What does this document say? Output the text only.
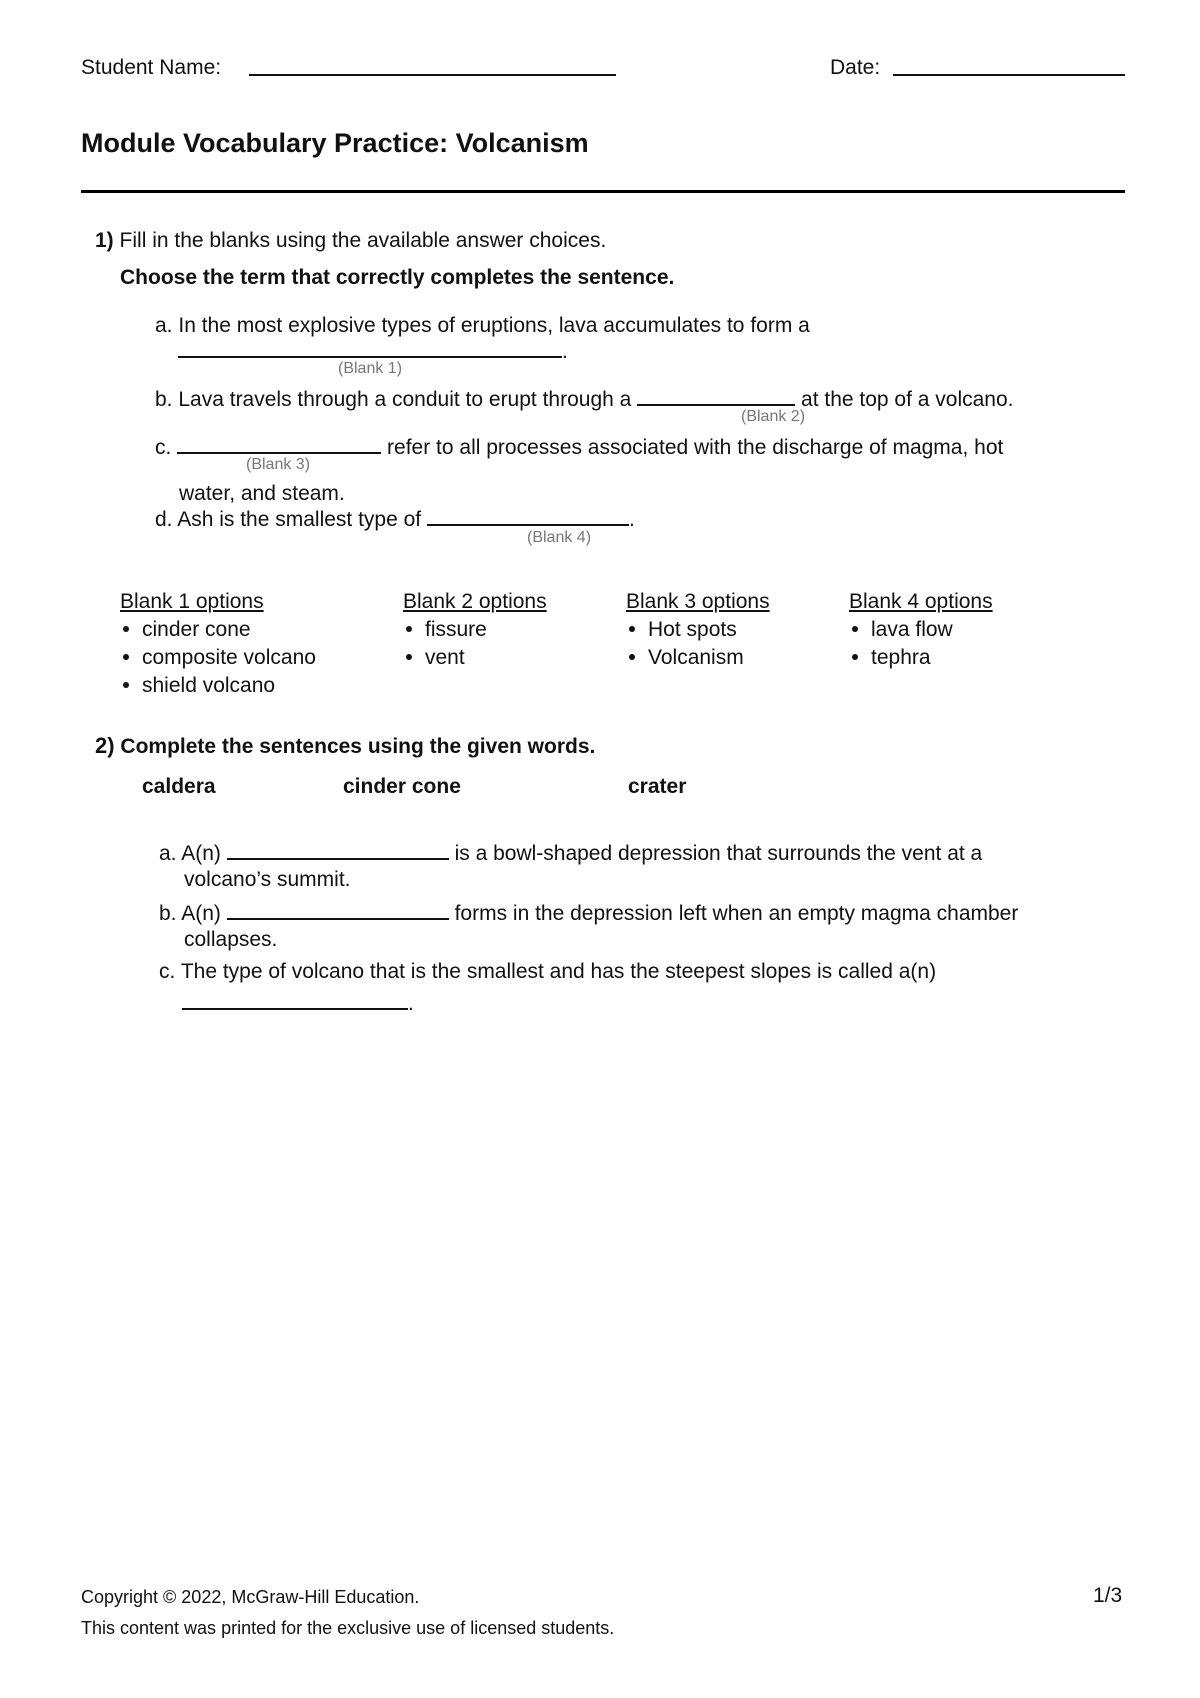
Student Name:	Date:
Module Vocabulary Practice: Volcanism
1) Fill in the blanks using the available answer choices.
Choose the term that correctly completes the sentence.
a. In the most explosive types of eruptions, lava accumulates to form a
.
(Blank 1)
b. Lava travels through a conduit to erupt through a	at the top of a volcano.
(Blank 2)
c.	refer to all processes associated with the discharge of magma, hot
(Blank 3)
water, and steam.
d. Ash is the smallest type of	.
(Blank 4)
Blank 1 options
cinder cone
composite volcano
shield volcano
Blank 2 options
fissure
vent
Blank 3 options
Hot spots
Volcanism
Blank 4 options
lava flow
tephra
2) Complete the sentences using the given words.
caldera	cinder cone	crater
a. A(n)	is a bowl-shaped depression that surrounds the vent at a
volcano’s summit.
b. A(n)	forms in the depression left when an empty magma chamber
collapses.
c. The type of volcano that is the smallest and has the steepest slopes is called a(n)
.
Copyright © 2022, McGraw-Hill Education.	1/3
This content was printed for the exclusive use of licensed students.
